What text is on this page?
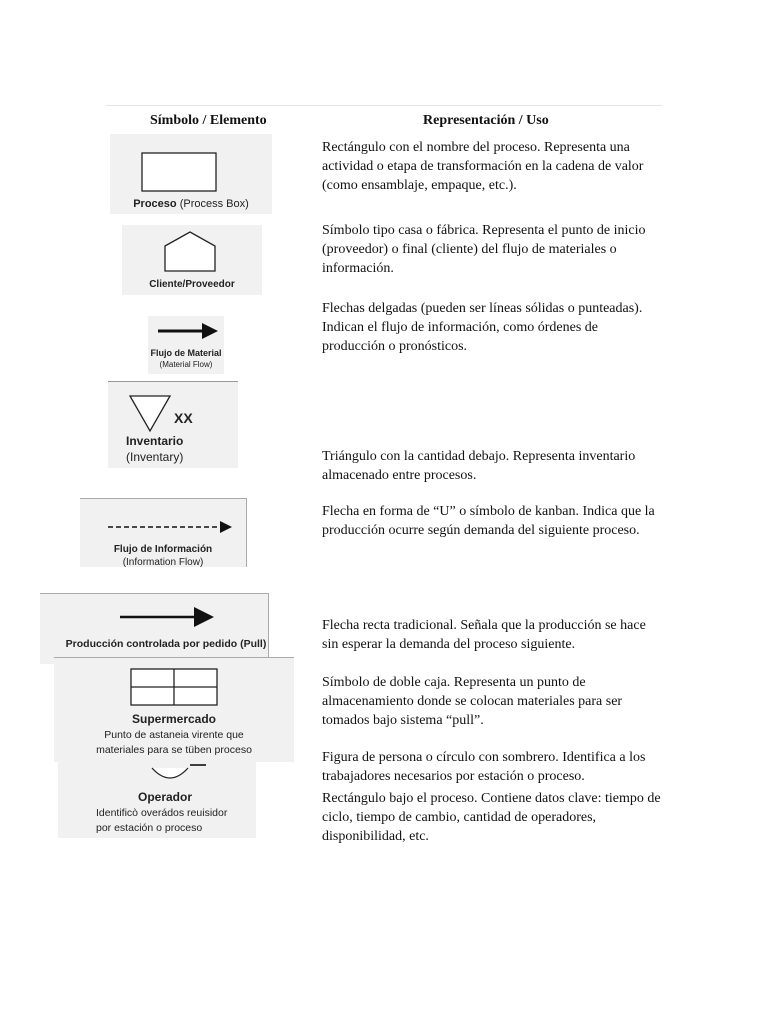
Símbolo / Elemento	Representación / Uso
Proceso (Process Box)

Rectángulo con el nombre del proceso. Representa una actividad o etapa de transformación en la cadena de valor (como ensamblaje, empaque, etc.).

Cliente/Proveedor

Símbolo tipo casa o fábrica. Representa el punto de inicio (proveedor) o final (cliente) del flujo de materiales o información.

Flujo de Material
(Material Flow)

Flechas delgadas (pueden ser líneas sólidas o punteadas). Indican el flujo de información, como órdenes de producción o pronósticos.

XX
Inventario
(Inventary)	Triángulo con la cantidad debajo. Representa inventario almacenado entre procesos.

Flujo de Información
(Information Flow)

Flecha en forma de “U” o símbolo de kanban. Indica que la producción ocurre según demanda del siguiente proceso.

Producción controlada por pedido (Pull)

Flecha recta tradicional. Señala que la producción se hace sin esperar la demanda del proceso siguiente.

Supermercado
Punto de astaneia virente que
materiales para se tüben proceso

Símbolo de doble caja. Representa un punto de almacenamiento donde se colocan materiales para ser tomados bajo sistema “pull”.

Operador
Identificò overádos reuisidor
por estación o proceso

Figura de persona o círculo con sombrero. Identifica a los trabajadores necesarios por estación o proceso.

Rectángulo bajo el proceso. Contiene datos clave: tiempo de ciclo, tiempo de cambio, cantidad de operadores, disponibilidad, etc.
